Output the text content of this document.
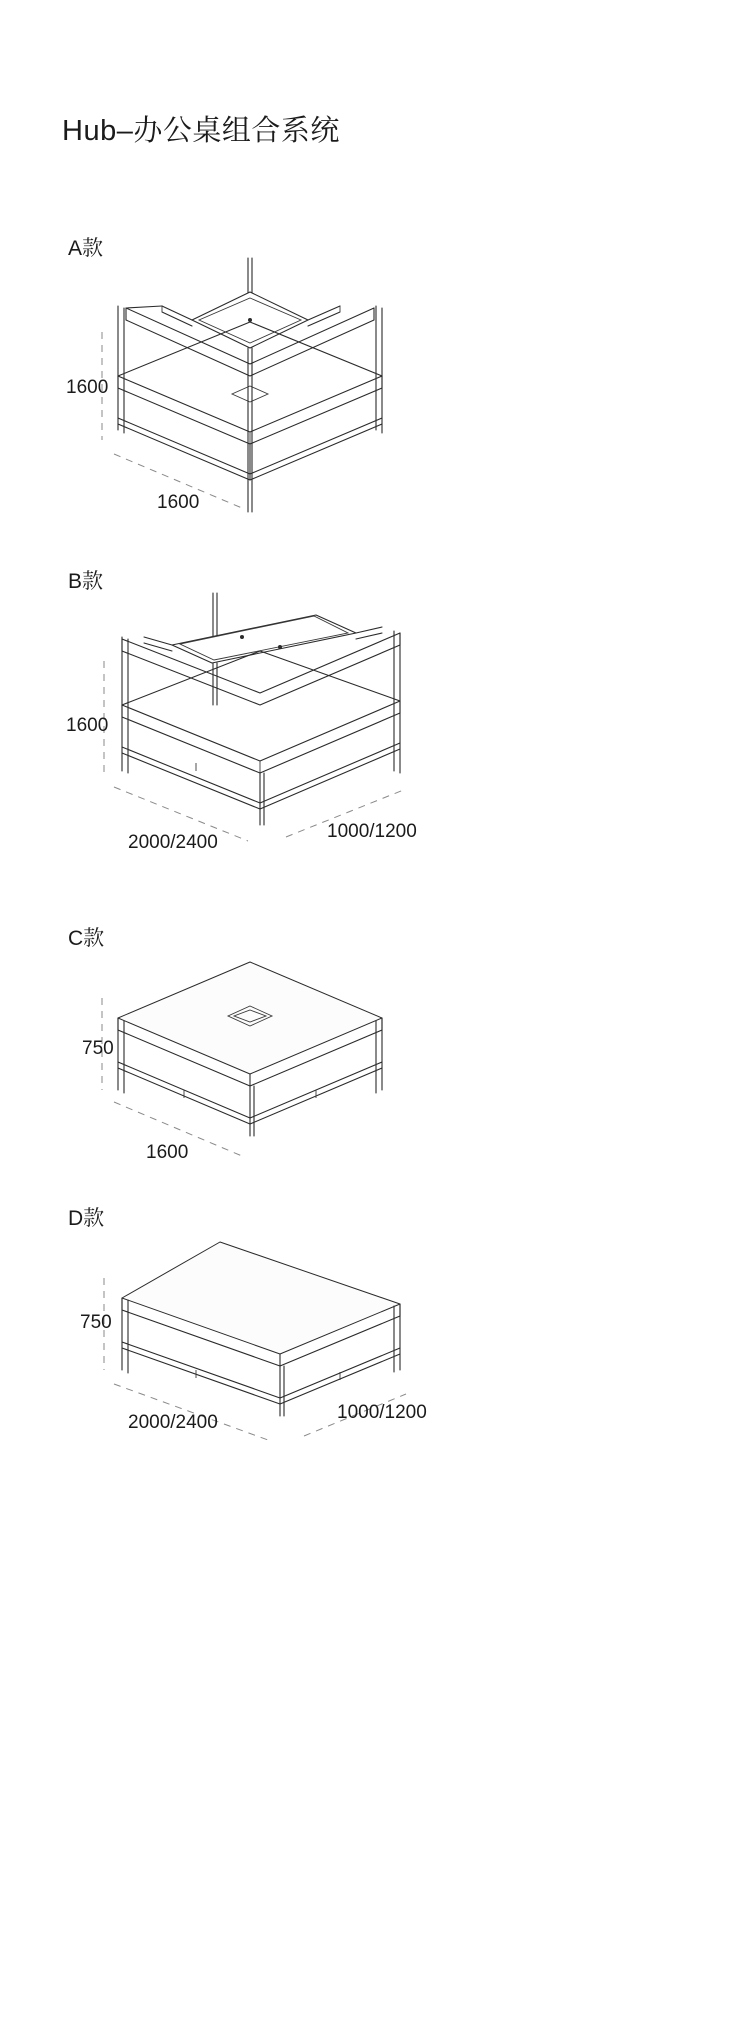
Hub–办公桌组合系统
A款
1600
1600
B款
1600
2000/2400
1000/1200
C款
750
1600
D款
750
2000/2400	1000/1200
